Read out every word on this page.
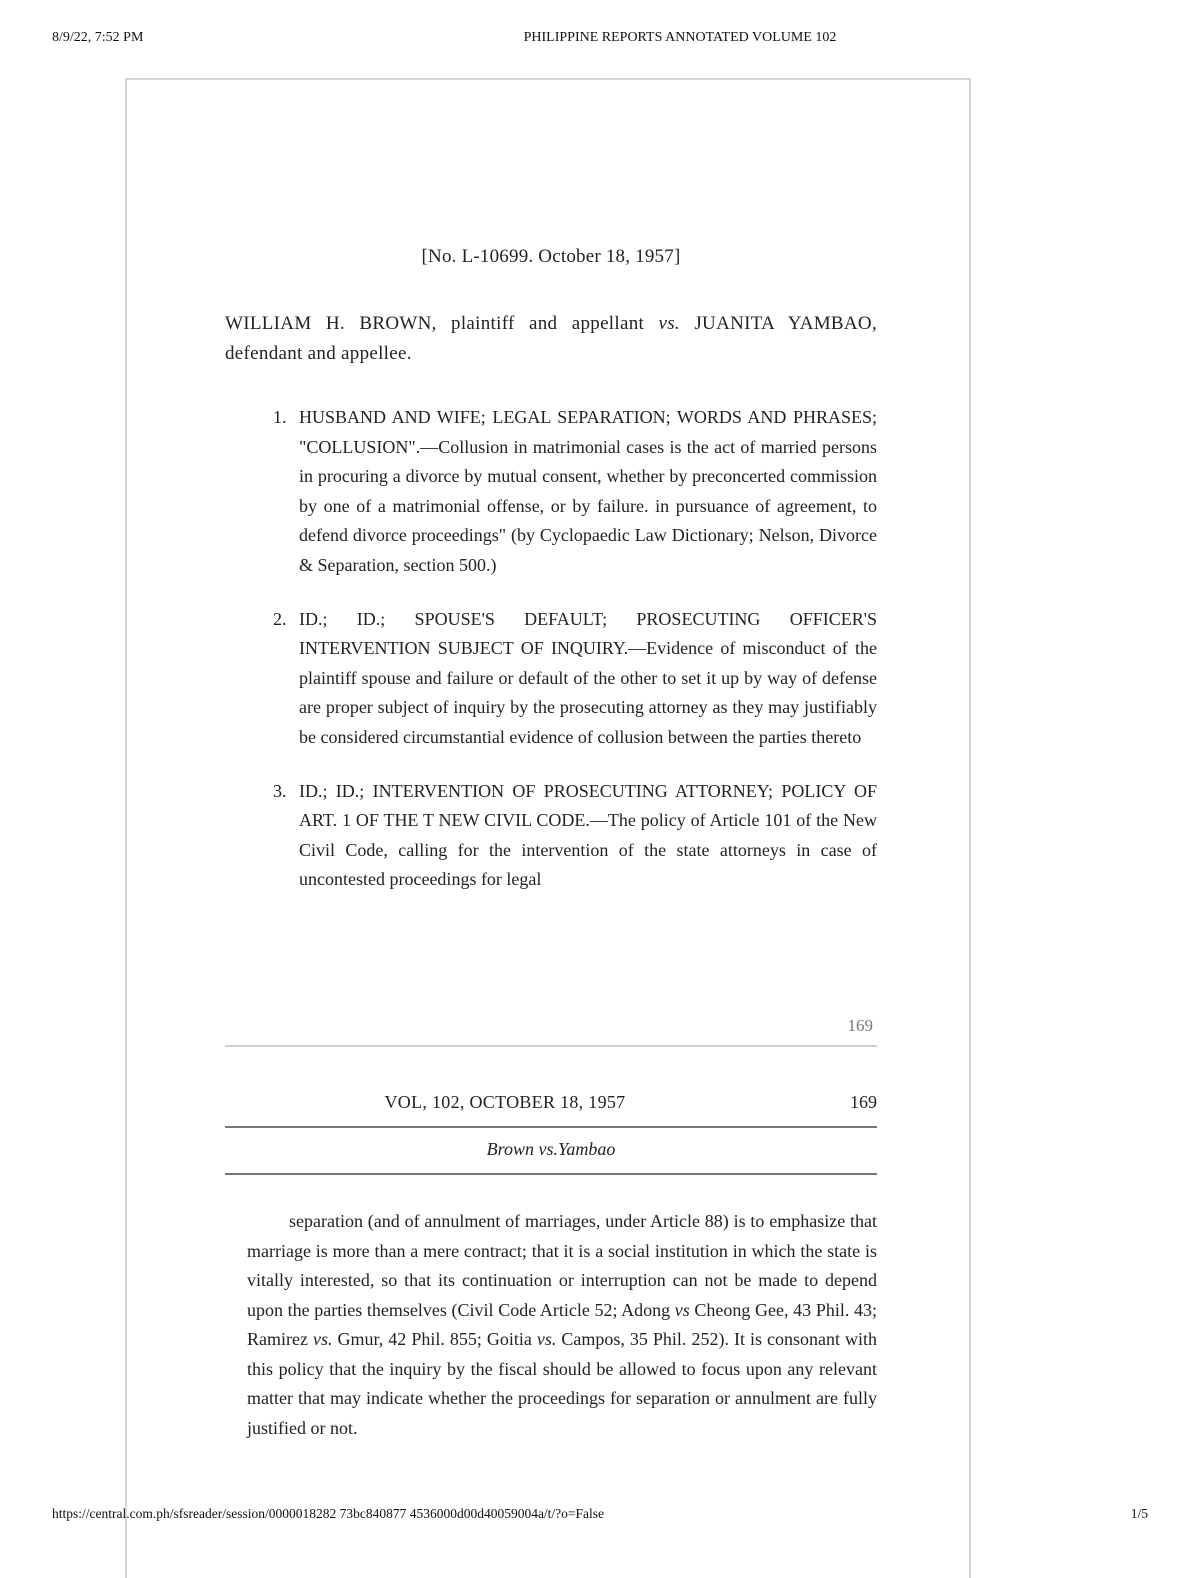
8/9/22, 7:52 PM	PHILIPPINE REPORTS ANNOTATED VOLUME 102
[No. L-10699. October 18, 1957]
WILLIAM H. BROWN, plaintiff and appellant vs. JUANITA YAMBAO, defendant and appellee.
1. HUSBAND AND WIFE; LEGAL SEPARATION; WORDS AND PHRASES; "COLLUSION".—Collusion in matrimonial cases is the act of married persons in procuring a divorce by mutual consent, whether by preconcerted commission by one of a matrimonial offense, or by failure. in pursuance of agreement, to defend divorce proceedings" (by Cyclopaedic Law Dictionary; Nelson, Divorce & Separation, section 500.)
2. ID.; ID.; SPOUSE'S DEFAULT; PROSECUTING OFFICER'S INTERVENTION SUBJECT OF INQUIRY.—Evidence of misconduct of the plaintiff spouse and failure or default of the other to set it up by way of defense are proper subject of inquiry by the prosecuting attorney as they may justifiably be considered circumstantial evidence of collusion between the parties thereto
3. ID.; ID.; INTERVENTION OF PROSECUTING ATTORNEY; POLICY OF ART. 1 OF THE T NEW CIVIL CODE.—The policy of Article 101 of the New Civil Code, calling for the intervention of the state attorneys in case of uncontested proceedings for legal
169
VOL, 102, OCTOBER 18, 1957	169
Brown vs.Yambao

separation (and of annulment of marriages, under Article 88) is to emphasize that marriage is more than a mere contract; that it is a social institution in which the state is vitally interested, so that its continuation or interruption can not be made to depend upon the parties themselves (Civil Code Article 52; Adong vs Cheong Gee, 43 Phil. 43; Ramirez vs. Gmur, 42 Phil. 855; Goitia vs. Campos, 35 Phil. 252). It is consonant with this policy that the inquiry by the fiscal should be allowed to focus upon any relevant matter that may indicate whether the proceedings for separation or annulment are fully justified or not.

https://central.com.ph/sfsreader/session/0000018282 73bc840877 4536000d00d40059004a/t/?o=False	1/5
